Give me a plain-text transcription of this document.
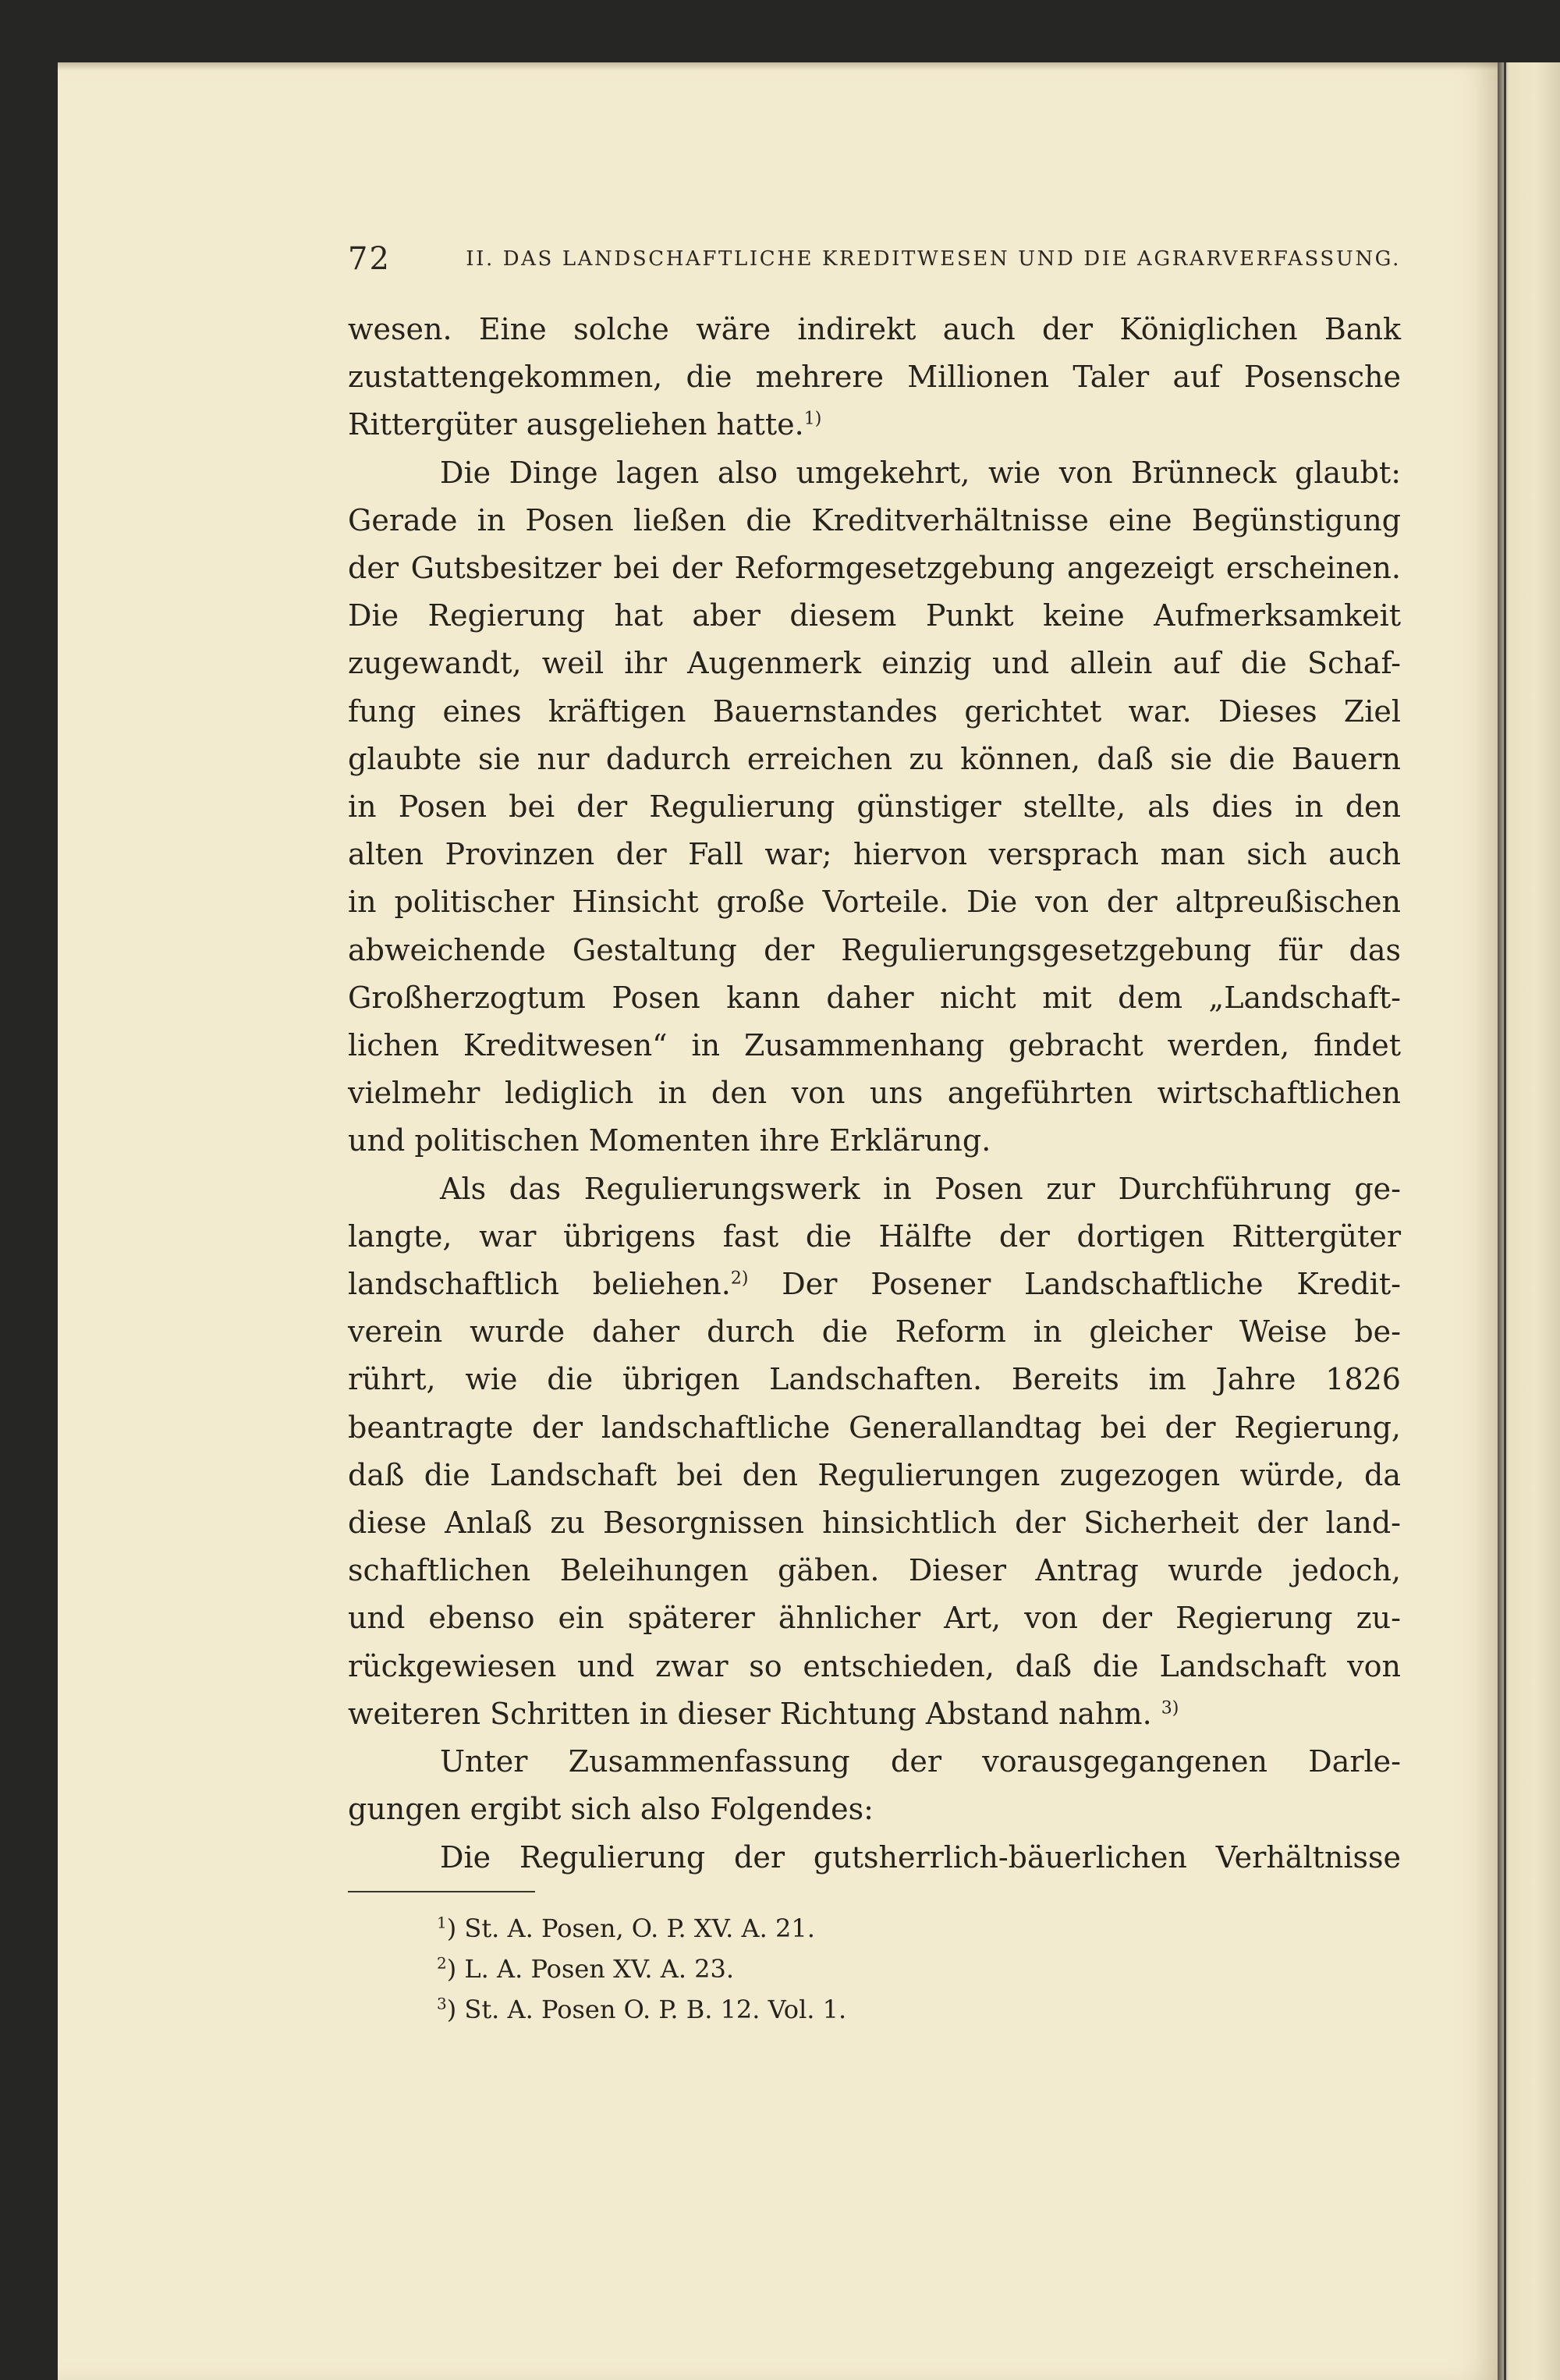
72	II. DAS LANDSCHAFTLICHE KREDITWESEN UND DIE AGRARVERFASSUNG.

wesen. Eine solche wäre indirekt auch der Königlichen Bank

zustattengekommen, die mehrere Millionen Taler auf Posensche

Rittergüter ausgeliehen hatte.$^{1)}$

Die Dinge lagen also umgekehrt, wie von Brünneck glaubt:

Gerade in Posen ließen die Kreditverhältnisse eine Begünstigung

der Gutsbesitzer bei der Reformgesetzgebung angezeigt erscheinen.

Die Regierung hat aber diesem Punkt keine Aufmerksamkeit

zugewandt, weil ihr Augenmerk einzig und allein auf die Schaf-

fung eines kräftigen Bauernstandes gerichtet war. Dieses Ziel

glaubte sie nur dadurch erreichen zu können, daß sie die Bauern

in Posen bei der Regulierung günstiger stellte, als dies in den

alten Provinzen der Fall war; hiervon versprach man sich auch

in politischer Hinsicht große Vorteile. Die von der altpreußischen

abweichende Gestaltung der Regulierungsgesetzgebung für das

Großherzogtum Posen kann daher nicht mit dem „Landschaft-

lichen Kreditwesen“ in Zusammenhang gebracht werden, findet

vielmehr lediglich in den von uns angeführten wirtschaftlichen

und politischen Momenten ihre Erklärung.

Als das Regulierungswerk in Posen zur Durchführung ge-

langte, war übrigens fast die Hälfte der dortigen Rittergüter

landschaftlich beliehen.$^{2)}$ Der Posener Landschaftliche Kredit-

verein wurde daher durch die Reform in gleicher Weise be-

rührt, wie die übrigen Landschaften. Bereits im Jahre 1826

beantragte der landschaftliche Generallandtag bei der Regierung,

daß die Landschaft bei den Regulierungen zugezogen würde, da

diese Anlaß zu Besorgnissen hinsichtlich der Sicherheit der land-

schaftlichen Beleihungen gäben. Dieser Antrag wurde jedoch,

und ebenso ein späterer ähnlicher Art, von der Regierung zu-

rückgewiesen und zwar so entschieden, daß die Landschaft von

weiteren Schritten in dieser Richtung Abstand nahm. $^{3)}$

Unter Zusammenfassung der vorausgegangenen Darle-

gungen ergibt sich also Folgendes:

Die Regulierung der gutsherrlich-bäuerlichen Verhältnisse

$^1$) St. A. Posen, O. P. XV. A. 21.
$^2$) L. A. Posen XV. A. 23.
$^3$) St. A. Posen O. P. B. 12. Vol. 1.
